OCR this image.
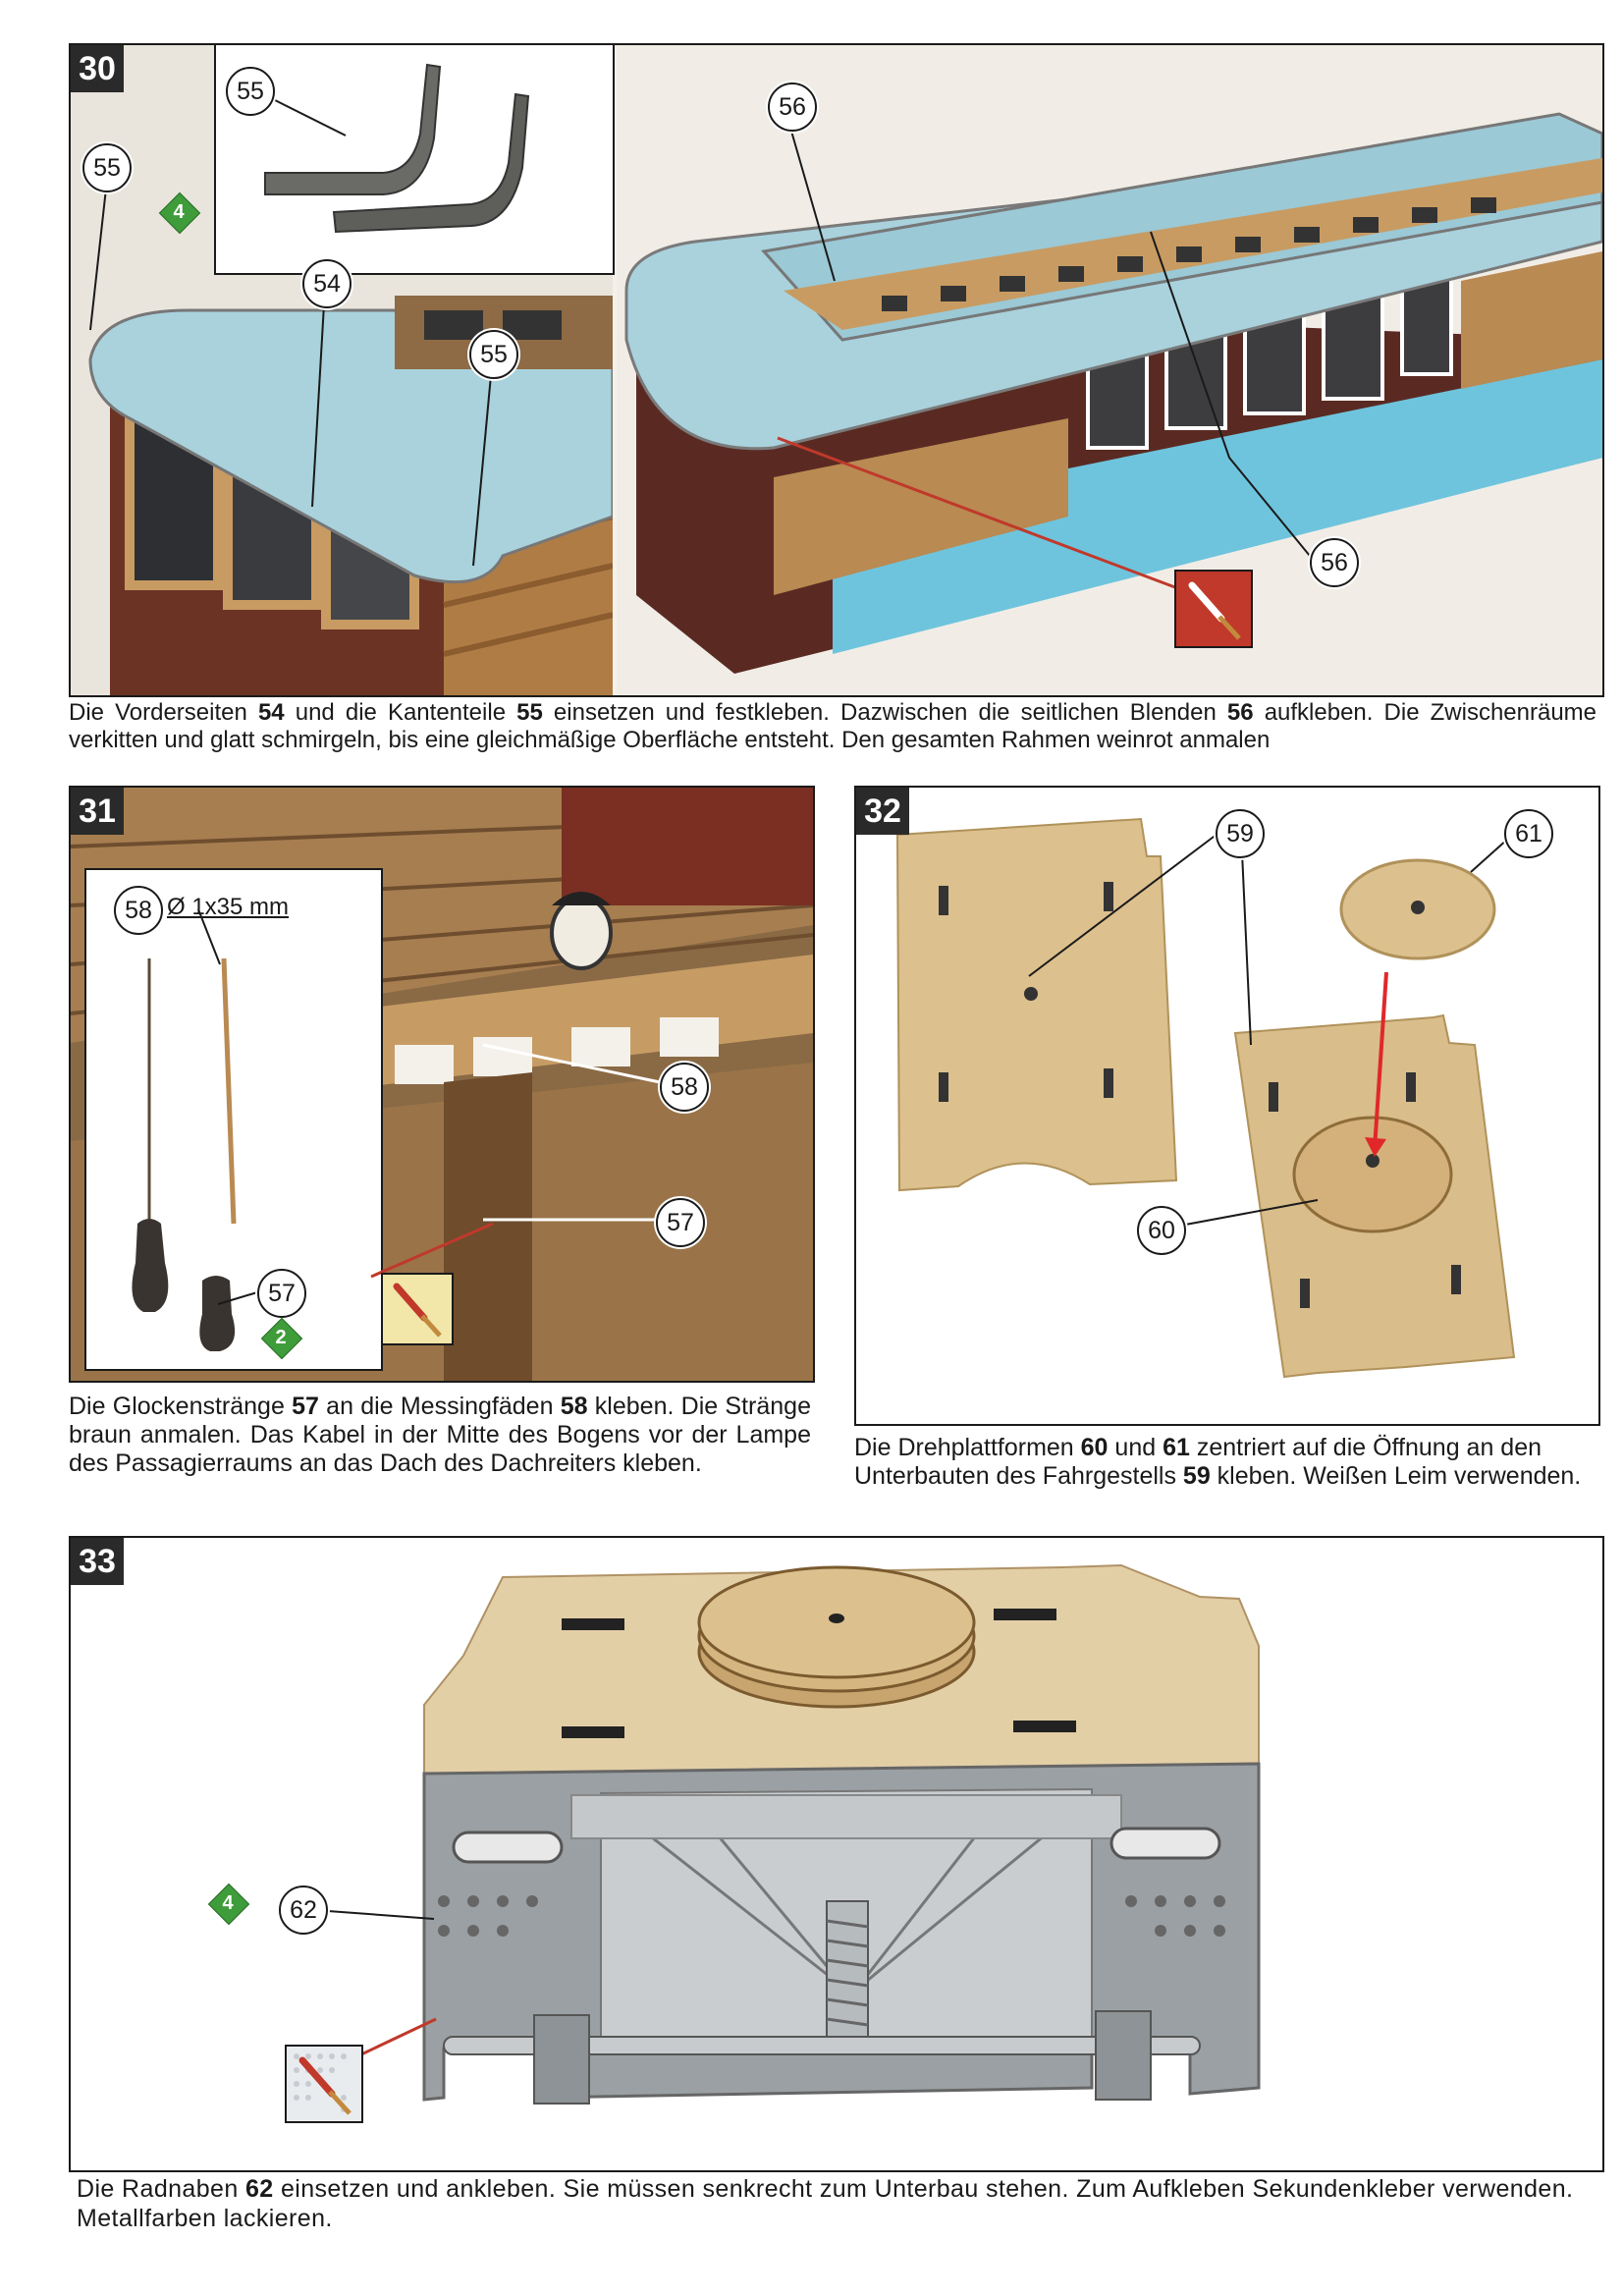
55
4
56
55
54
55
56
30
Die Vorderseiten 54 und die Kantenteile 55 einsetzen und festkleben. Dazwischen die seitlichen Blenden 56 aufkleben. Die Zwischenräume verkitten und glatt schmirgeln, bis eine gleichmäßige Oberfläche entsteht. Den gesamten Rahmen weinrot anmalen
58 Ø 1x35 mm
57
2
58
57
31
Die Glockenstränge 57 an die Messingfäden 58 kleben. Die Stränge braun anmalen. Das Kabel in der Mitte des Bogens vor der Lampe des Passagierraums an das Dach des Dachreiters kleben.
59	61
60
32
Die Drehplattformen 60 und 61 zentriert auf die Öffnung an den Unterbauten des Fahrgestells 59 kleben. Weißen Leim verwenden.
4	62
33
Die Radnaben 62 einsetzen und ankleben. Sie müssen senkrecht zum Unterbau stehen. Zum Aufkleben Sekundenkleber verwenden. Metallfarben lackieren.
